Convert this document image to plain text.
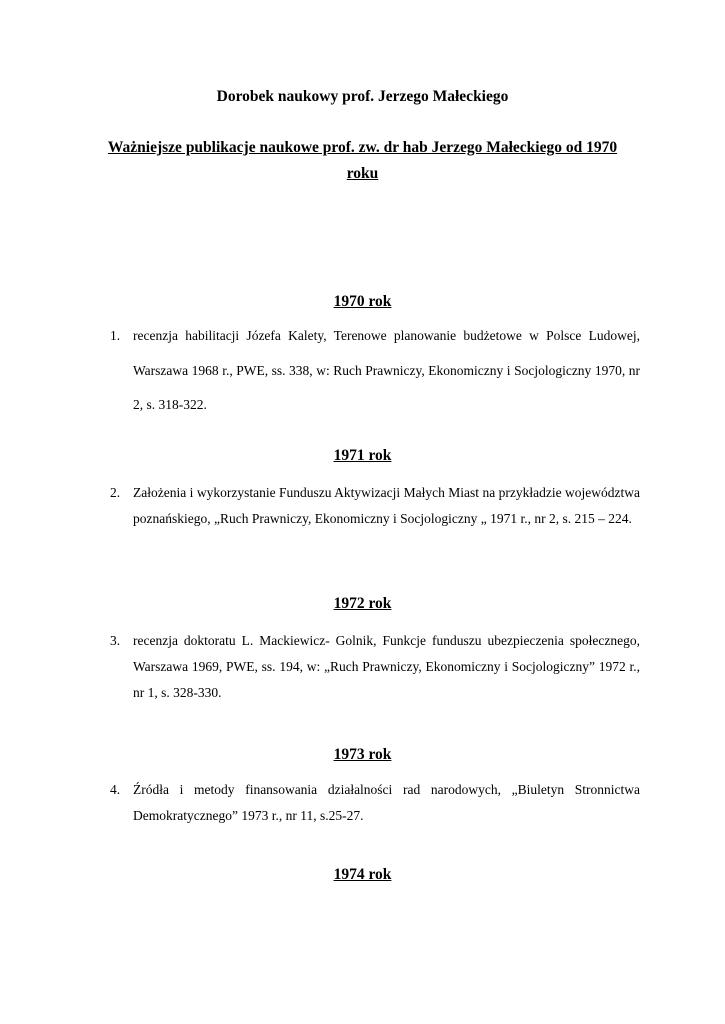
Dorobek naukowy prof. Jerzego Małeckiego
Ważniejsze publikacje naukowe prof. zw. dr hab Jerzego Małeckiego od 1970 roku
1970 rok
1. recenzja habilitacji Józefa Kalety, Terenowe planowanie budżetowe w Polsce Ludowej, Warszawa 1968 r., PWE, ss. 338, w: Ruch Prawniczy, Ekonomiczny i Socjologiczny 1970, nr 2, s. 318-322.
1971 rok
2. Założenia i wykorzystanie Funduszu Aktywizacji Małych Miast na przykładzie województwa poznańskiego, „Ruch Prawniczy, Ekonomiczny i Socjologiczny „ 1971 r., nr 2, s. 215 – 224.
1972 rok
3. recenzja doktoratu L. Mackiewicz- Golnik, Funkcje funduszu ubezpieczenia społecznego, Warszawa 1969, PWE, ss. 194, w: „Ruch Prawniczy, Ekonomiczny i Socjologiczny” 1972 r., nr 1, s. 328-330.
1973 rok
4. Źródła i metody finansowania działalności rad narodowych, „Biuletyn Stronnictwa Demokratycznego” 1973 r., nr 11, s.25-27.
1974 rok
